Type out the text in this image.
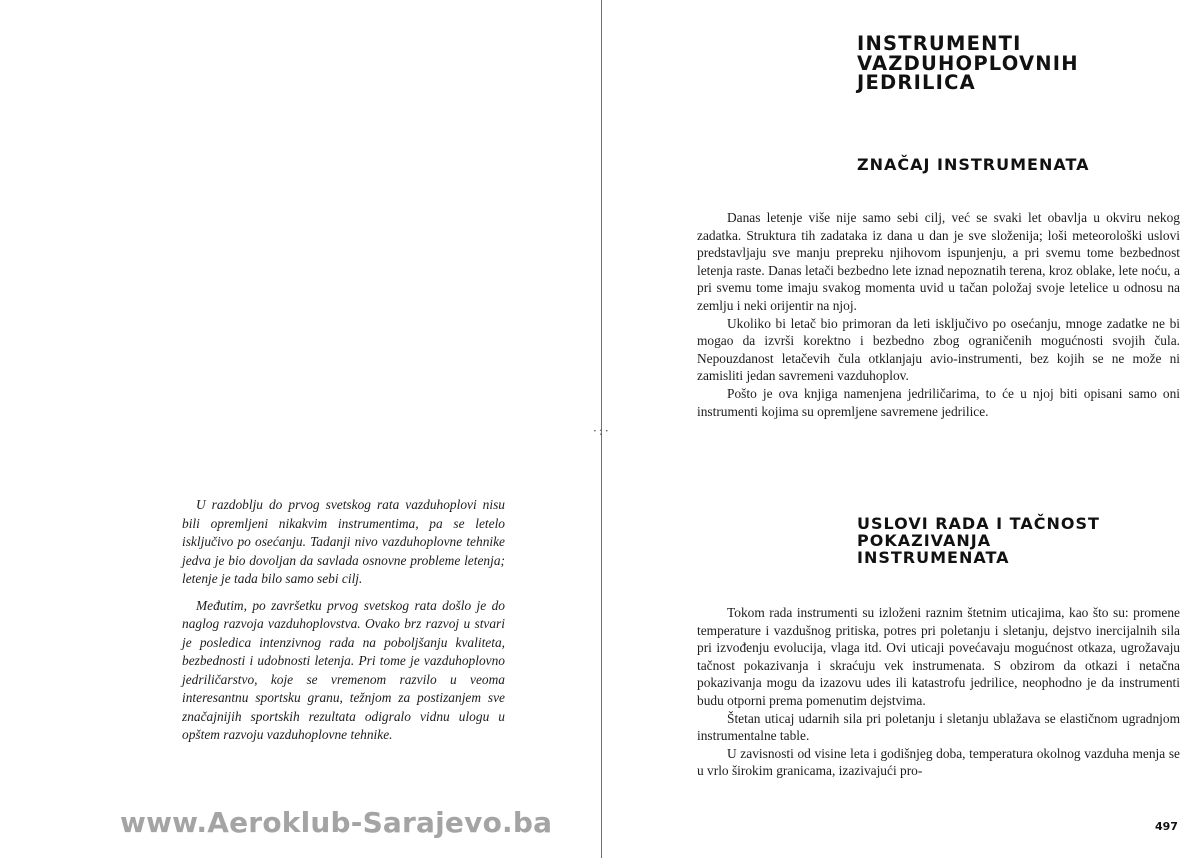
·:·

U razdoblju do prvog svetskog rata vazduhoplovi nisu bili opremljeni nikakvim instrumentima, pa se letelo isključivo po osećanju. Tadanji nivo vazduhoplovne tehnike jedva je bio dovoljan da savlada osnovne probleme letenja; letenje je tada bilo samo sebi cilj.

Međutim, po završetku prvog svetskog rata došlo je do naglog razvoja vazduhoplovstva. Ovako brz razvoj u stvari je posledica intenzivnog rada na poboljšanju kvaliteta, bezbednosti i udobnosti letenja. Pri tome je vazduhoplovno jedriličarstvo, koje se vremenom razvilo u veoma interesantnu sportsku granu, težnjom za postizanjem sve značajnijih sportskih rezultata odigralo vidnu ulogu u opštem razvoju vazduhoplovne tehnike.

www.Aeroklub-Sarajevo.ba
INSTRUMENTI
VAZDUHOPLOVNIH
JEDRILICA
ZNAČAJ INSTRUMENATA

Danas letenje više nije samo sebi cilj, već se svaki let obavlja u okviru nekog zadatka. Struktura tih zadataka iz dana u dan je sve složenija; loši meteorološki uslovi predstavljaju sve manju prepreku njihovom ispunjenju, a pri svemu tome bezbednost letenja raste. Danas letači bezbedno lete iznad nepoznatih terena, kroz oblake, lete noću, a pri svemu tome imaju svakog momenta uvid u tačan položaj svoje letelice u odnosu na zemlju i neki orijentir na njoj.

Ukoliko bi letač bio primoran da leti isključivo po osećanju, mnoge zadatke ne bi mogao da izvrši korektno i bezbedno zbog ograničenih mogućnosti svojih čula. Nepouzdanost letačevih čula otklanjaju avio-instrumenti, bez kojih se ne može ni zamisliti jedan savremeni vazduhoplov.

Pošto je ova knjiga namenjena jedriličarima, to će u njoj biti opisani samo oni instrumenti kojima su opremljene savremene jedrilice.

USLOVI RADA I TAČNOST
POKAZIVANJA
INSTRUMENATA

Tokom rada instrumenti su izloženi raznim štetnim uticajima, kao što su: promene temperature i vazdušnog pritiska, potres pri poletanju i sletanju, dejstvo inercijalnih sila pri izvođenju evolucija, vlaga itd. Ovi uticaji povećavaju mogućnost otkaza, ugrožavaju tačnost pokazivanja i skraćuju vek instrumenata. S obzirom da otkazi i netačna pokazivanja mogu da izazovu udes ili katastrofu jedrilice, neophodno je da instrumenti budu otporni prema pomenutim dejstvima.

Štetan uticaj udarnih sila pri poletanju i sletanju ublažava se elastičnom ugradnjom instrumentalne table.

U zavisnosti od visine leta i godišnjeg doba, temperatura okolnog vazduha menja se u vrlo širokim granicama, izazivajući pro-

497
